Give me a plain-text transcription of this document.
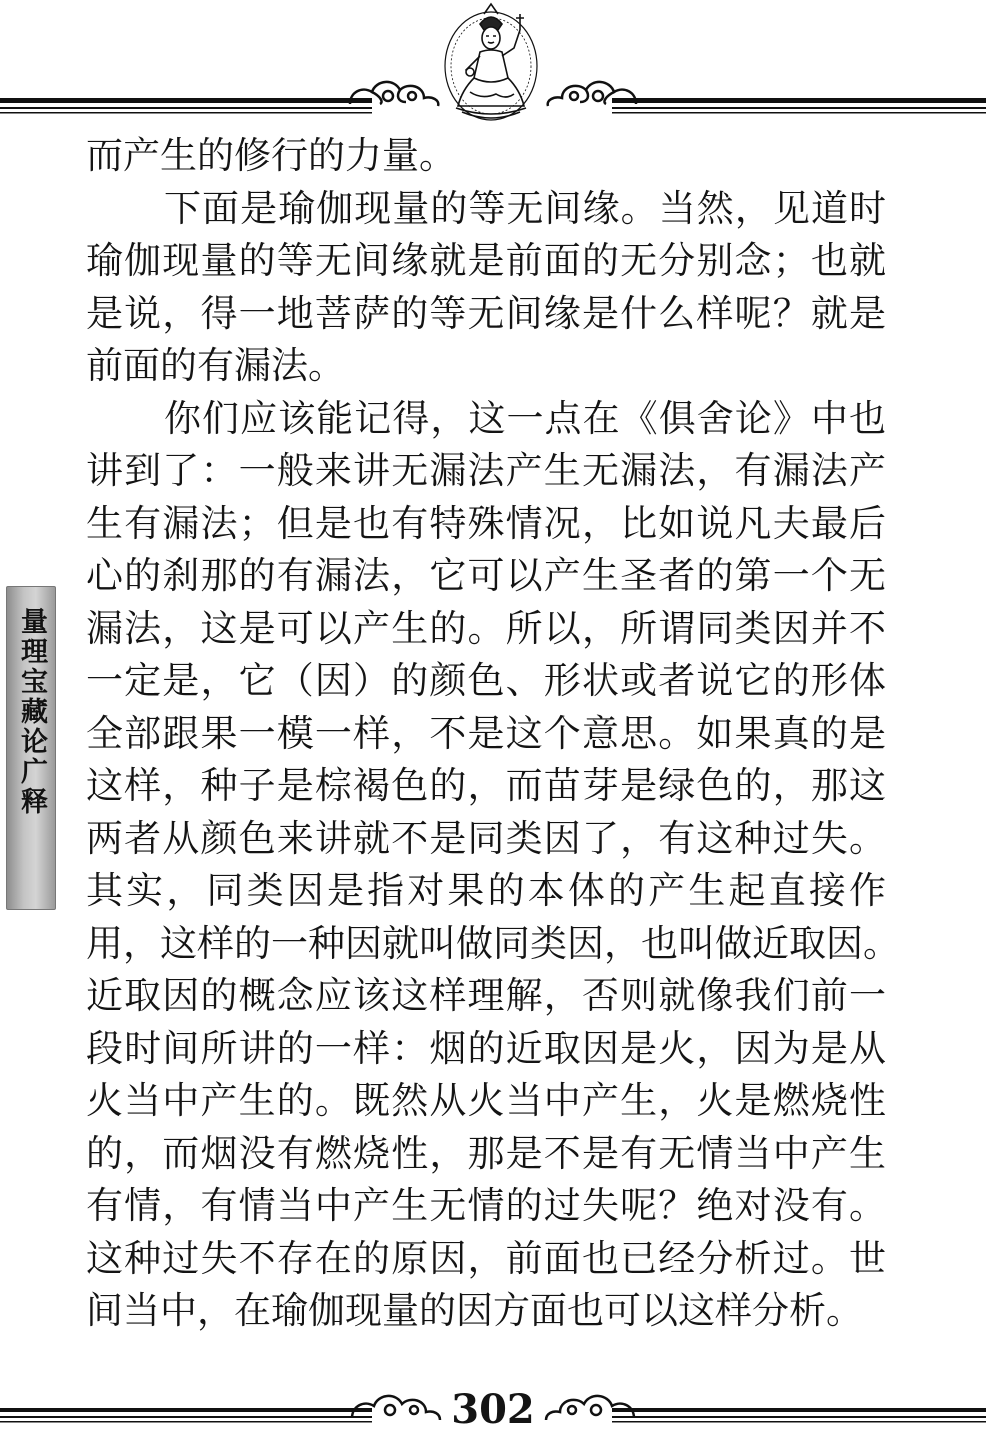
量理宝藏论广释
而产生的修行的力量。
下面是瑜伽现量的等无间缘。当然，见道时
瑜伽现量的等无间缘就是前面的无分别念；也就
是说，得一地菩萨的等无间缘是什么样呢？就是
前面的有漏法。
你们应该能记得，这一点在《俱舍论》中也
讲到了：一般来讲无漏法产生无漏法，有漏法产
生有漏法；但是也有特殊情况，比如说凡夫最后
心的刹那的有漏法，它可以产生圣者的第一个无
漏法，这是可以产生的。所以，所谓同类因并不
一定是，它（因）的颜色、形状或者说它的形体
全部跟果一模一样，不是这个意思。如果真的是
这样，种子是棕褐色的，而苗芽是绿色的，那这
两者从颜色来讲就不是同类因了，有这种过失。
其实，同类因是指对果的本体的产生起直接作
用，这样的一种因就叫做同类因，也叫做近取因。
近取因的概念应该这样理解，否则就像我们前一
段时间所讲的一样：烟的近取因是火，因为是从
火当中产生的。既然从火当中产生，火是燃烧性
的，而烟没有燃烧性，那是不是有无情当中产生
有情，有情当中产生无情的过失呢？绝对没有。
这种过失不存在的原因，前面也已经分析过。世
间当中，在瑜伽现量的因方面也可以这样分析。
302
